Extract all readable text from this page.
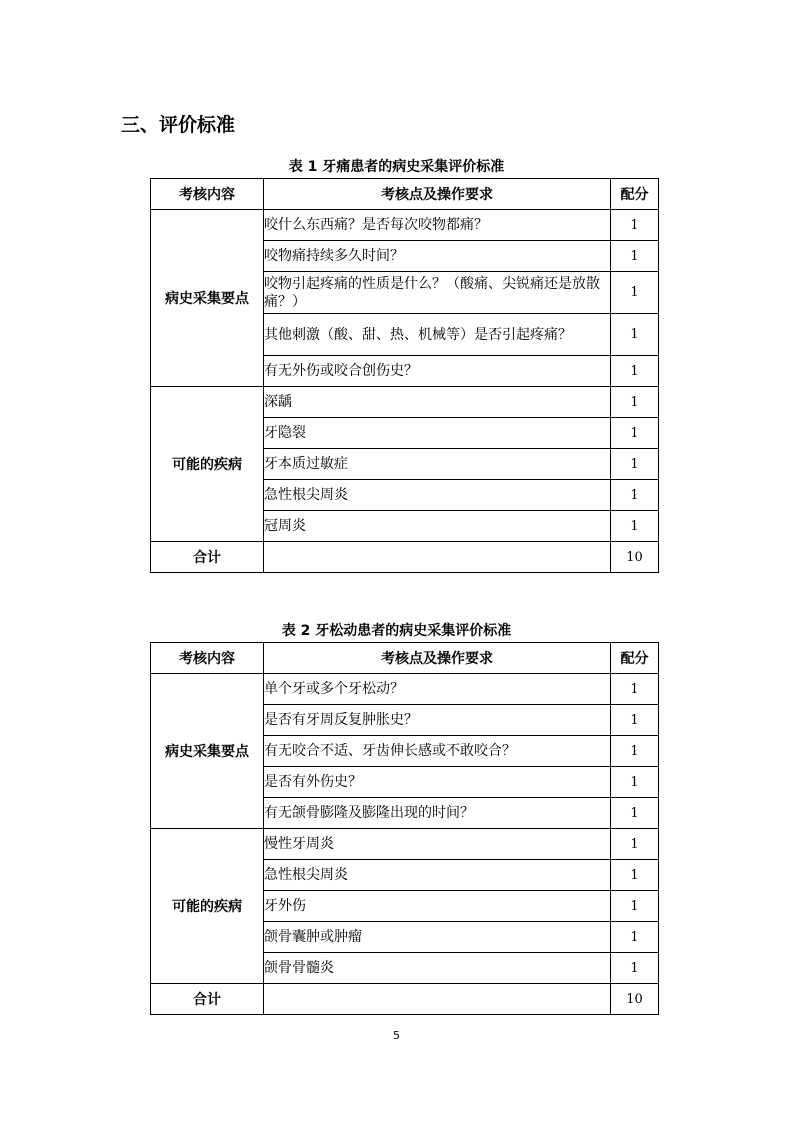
三、评价标准
表 1 牙痛患者的病史采集评价标准
考核内容	考核点及操作要求	配分
病史采集要点	咬什么东西痛？是否每次咬物都痛？	1
	咬物痛持续多久时间？	1
	咬物引起疼痛的性质是什么？（酸痛、尖锐痛还是放散痛？）	1
	其他刺激（酸、甜、热、机械等）是否引起疼痛？	1
	有无外伤或咬合创伤史？	1
可能的疾病	深龋	1
	牙隐裂	1
	牙本质过敏症	1
	急性根尖周炎	1
	冠周炎	1
合计		10
表 2 牙松动患者的病史采集评价标准
考核内容	考核点及操作要求	配分
病史采集要点	单个牙或多个牙松动？	1
	是否有牙周反复肿胀史？	1
	有无咬合不适、牙齿伸长感或不敢咬合？	1
	是否有外伤史？	1
	有无颌骨膨隆及膨隆出现的时间？	1
可能的疾病	慢性牙周炎	1
	急性根尖周炎	1
	牙外伤	1
	颌骨囊肿或肿瘤	1
	颌骨骨髓炎	1
合计		10
5
